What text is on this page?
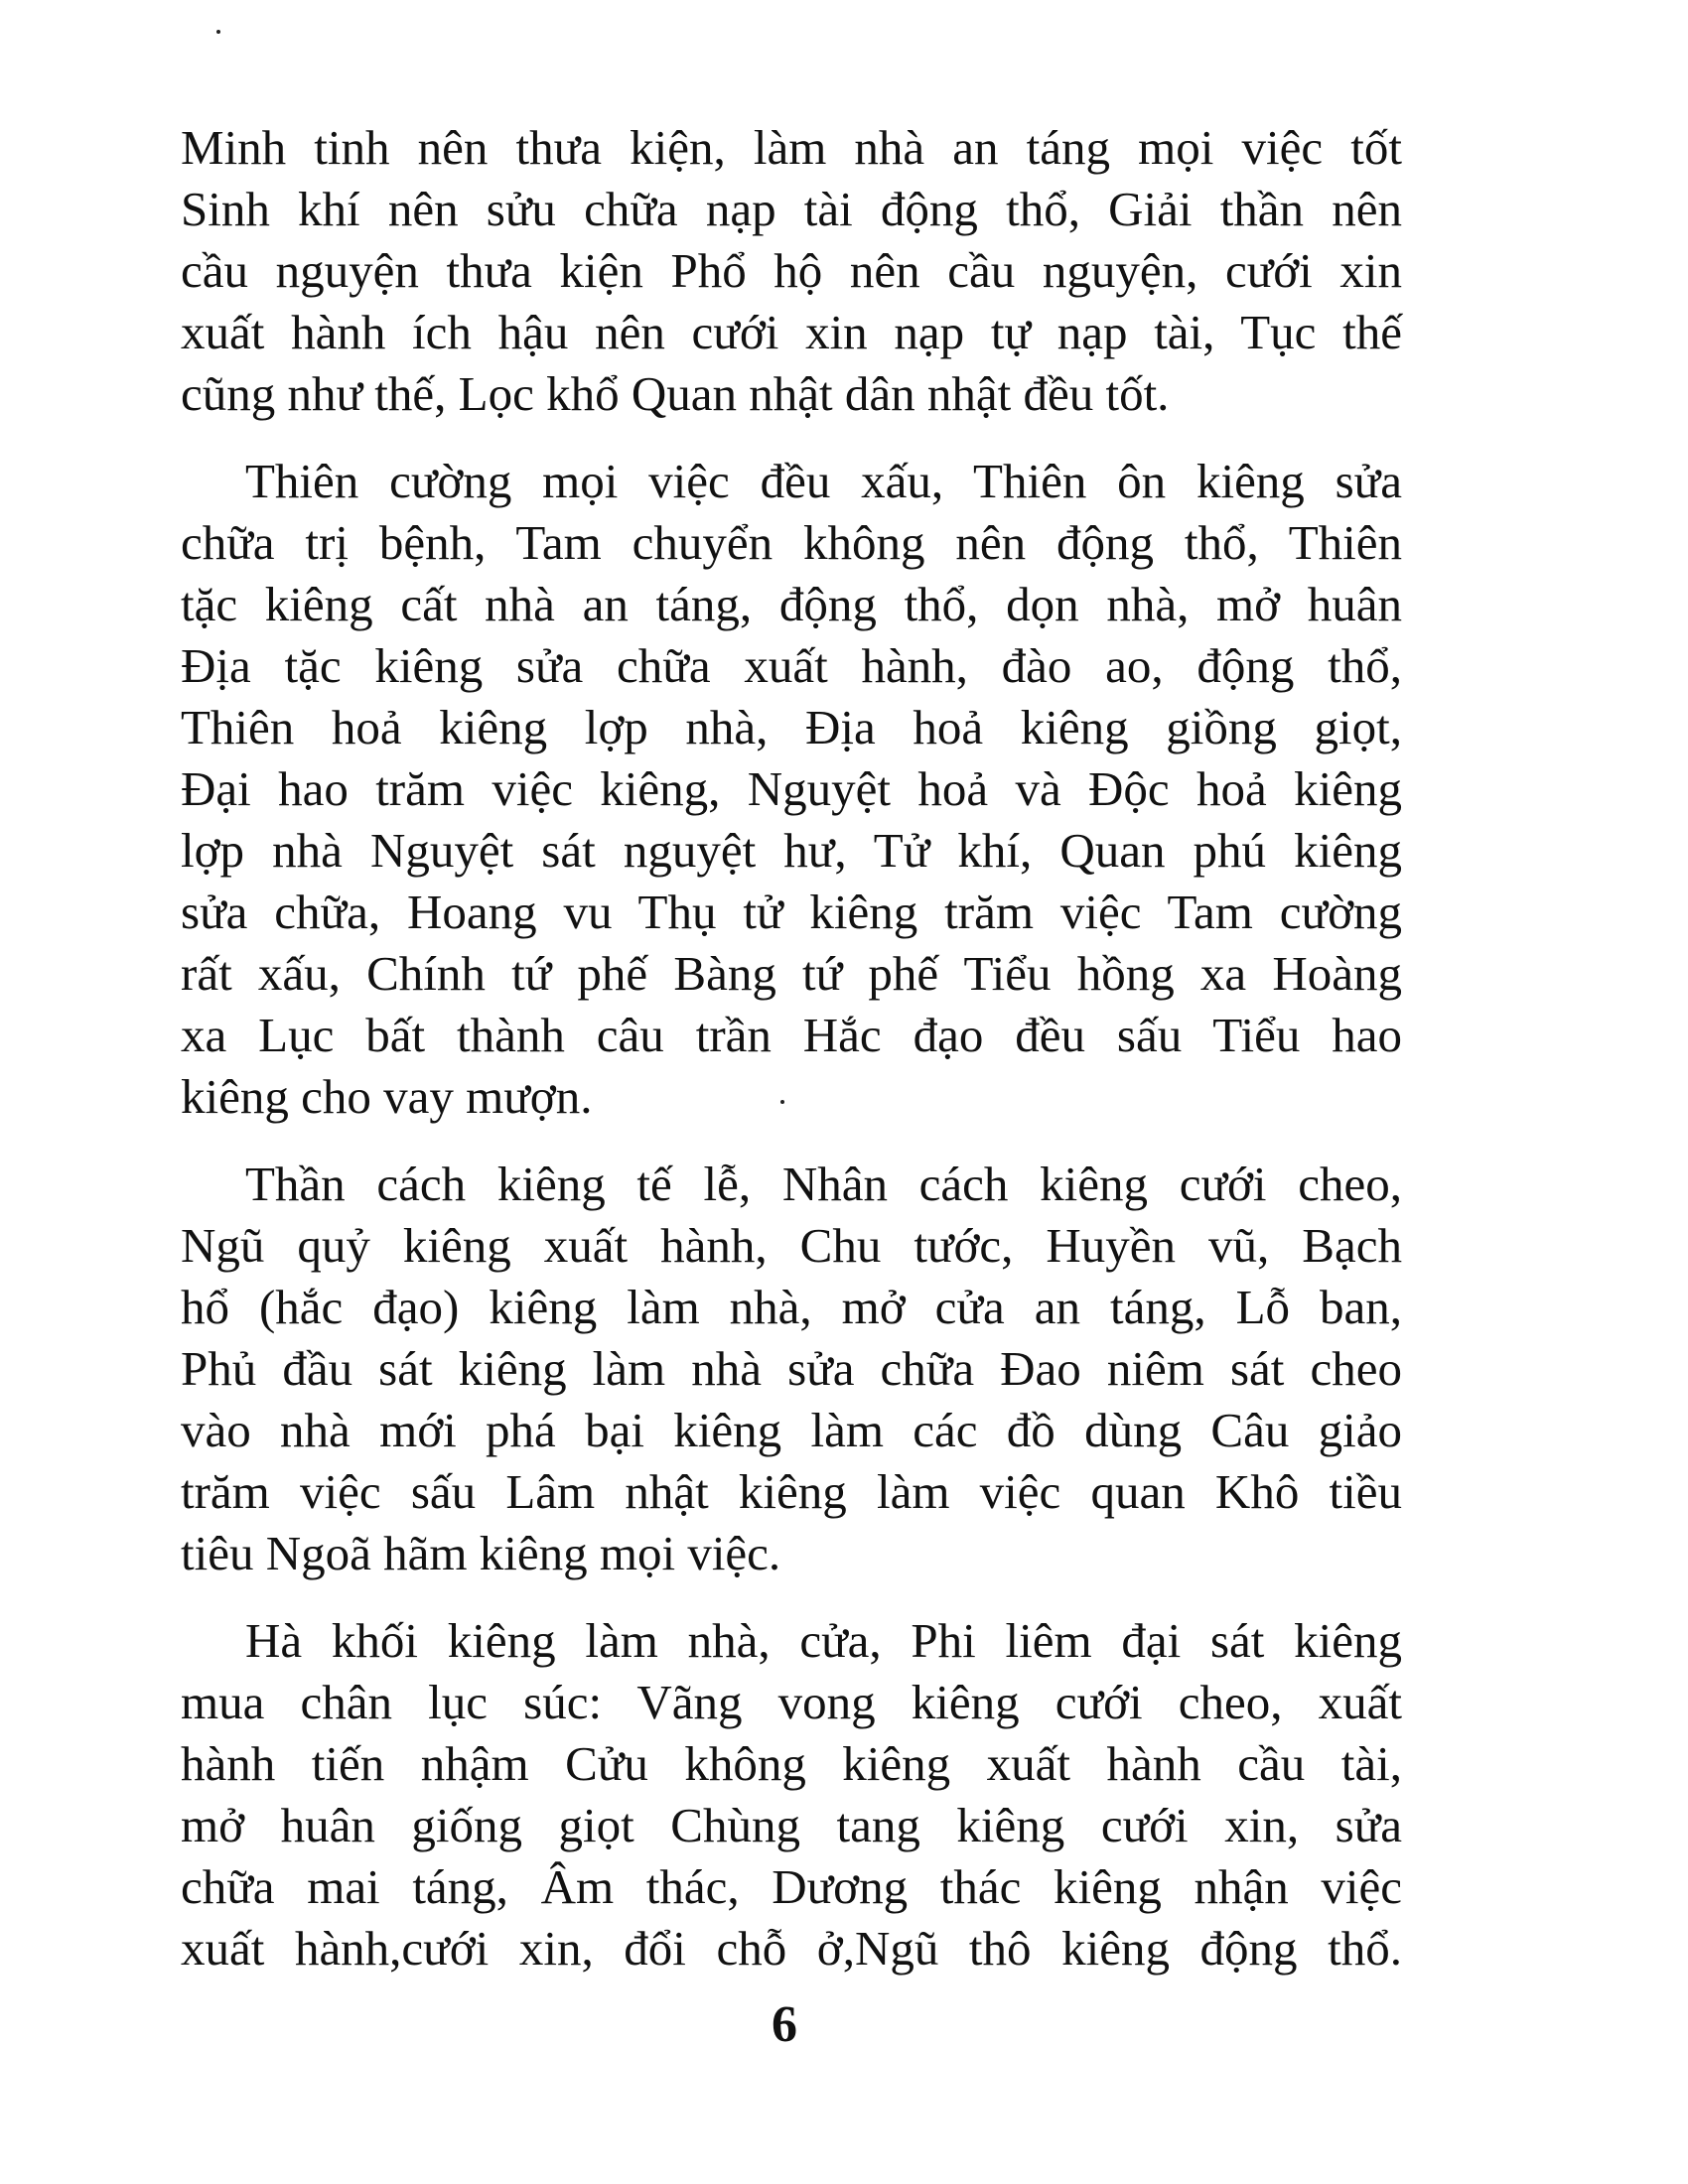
Minh tinh nên thưa kiện, làm nhà an táng mọi việc tốt
Sinh khí nên sửu chữa nạp tài động thổ, Giải thần nên
cầu nguyện thưa kiện Phổ hộ nên cầu nguyện, cưới xin
xuất hành ích hậu nên cưới xin nạp tự nạp tài, Tục thế
cũng như thế, Lọc khổ Quan nhật dân nhật đều tốt.

Thiên cường mọi việc đều xấu, Thiên ôn kiêng sửa
chữa trị bệnh, Tam chuyển không nên động thổ, Thiên
tặc kiêng cất nhà an táng, động thổ, dọn nhà, mở huân
Địa tặc kiêng sửa chữa xuất hành, đào ao, động thổ,
Thiên hoả kiêng lợp nhà, Địa hoả kiêng giồng giọt,
Đại hao trăm việc kiêng, Nguyệt hoả và Độc hoả kiêng
lợp nhà Nguyệt sát nguyệt hư, Tử khí, Quan phú kiêng
sửa chữa, Hoang vu Thụ tử kiêng trăm việc Tam cường
rất xấu, Chính tứ phế Bàng tứ phế Tiểu hồng xa Hoàng
xa Lục bất thành câu trần Hắc đạo đều sấu Tiểu hao
kiêng cho vay mượn.

Thần cách kiêng tế lễ, Nhân cách kiêng cưới cheo,
Ngũ quỷ kiêng xuất hành, Chu tước, Huyền vũ, Bạch
hổ (hắc đạo) kiêng làm nhà, mở cửa an táng, Lỗ ban,
Phủ đầu sát kiêng làm nhà sửa chữa Đao niêm sát cheo
vào nhà mới phá bại kiêng làm các đồ dùng Câu giảo
trăm việc sấu Lâm nhật kiêng làm việc quan Khô tiều
tiêu Ngoã hãm kiêng mọi việc.

Hà khối kiêng làm nhà, cửa, Phi liêm đại sát kiêng
mua chân lục súc: Vãng vong kiêng cưới cheo, xuất
hành tiến nhậm Cửu không kiêng xuất hành cầu tài,
mở huân giống giọt Chùng tang kiêng cưới xin, sửa
chữa mai táng, Âm thác, Dương thác kiêng nhận việc
xuất hành,cưới xin, đổi chỗ ở,Ngũ thô kiêng động thổ.

6
